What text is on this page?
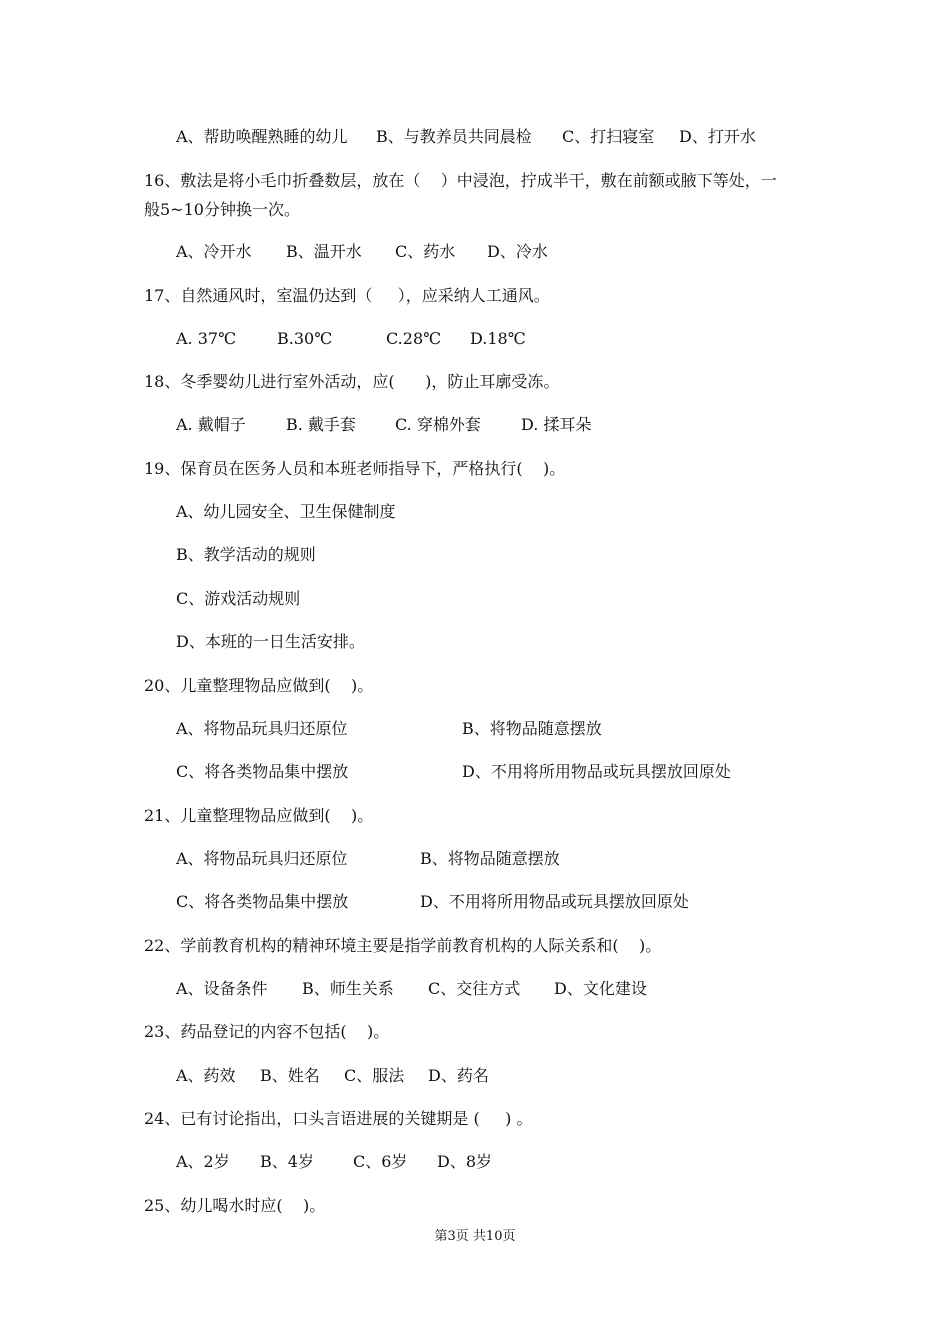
A、帮助唤醒熟睡的幼儿 B、与教养员共同晨检 C、打扫寝室 D、打开水
16、敷法是将小毛巾折叠数层，放在（    ）中浸泡，拧成半干，敷在前额或腋下等处，一
般5~10分钟换一次。
A、冷开水 B、温开水 C、药水 D、冷水
17、自然通风时，室温仍达到（     ），应采纳人工通风。
A. 37℃	B.30℃	C.28℃ D.18℃
18、冬季婴幼儿进行室外活动，应(      )，防止耳廓受冻。
A. 戴帽子	B. 戴手套 C. 穿棉外套	D. 揉耳朵
19、保育员在医务人员和本班老师指导下，严格执行(    )。
A、幼儿园安全、卫生保健制度
B、教学活动的规则
C、游戏活动规则
D、本班的一日生活安排。
20、儿童整理物品应做到(    )。
A、将物品玩具归还原位	B、将物品随意摆放
C、将各类物品集中摆放	D、不用将所用物品或玩具摆放回原处
21、儿童整理物品应做到(    )。
A、将物品玩具归还原位	B、将物品随意摆放
C、将各类物品集中摆放	D、不用将所用物品或玩具摆放回原处
22、学前教育机构的精神环境主要是指学前教育机构的人际关系和(    )。
A、设备条件 B、师生关系 C、交往方式 D、文化建设
23、药品登记的内容不包括(    )。
A、药效 B、姓名 C、服法 D、药名
24、已有讨论指出，口头言语进展的关键期是 (     ) 。
A、2岁 B、4岁 C、6岁 D、8岁
25、幼儿喝水时应(    )。
第3页 共10页
